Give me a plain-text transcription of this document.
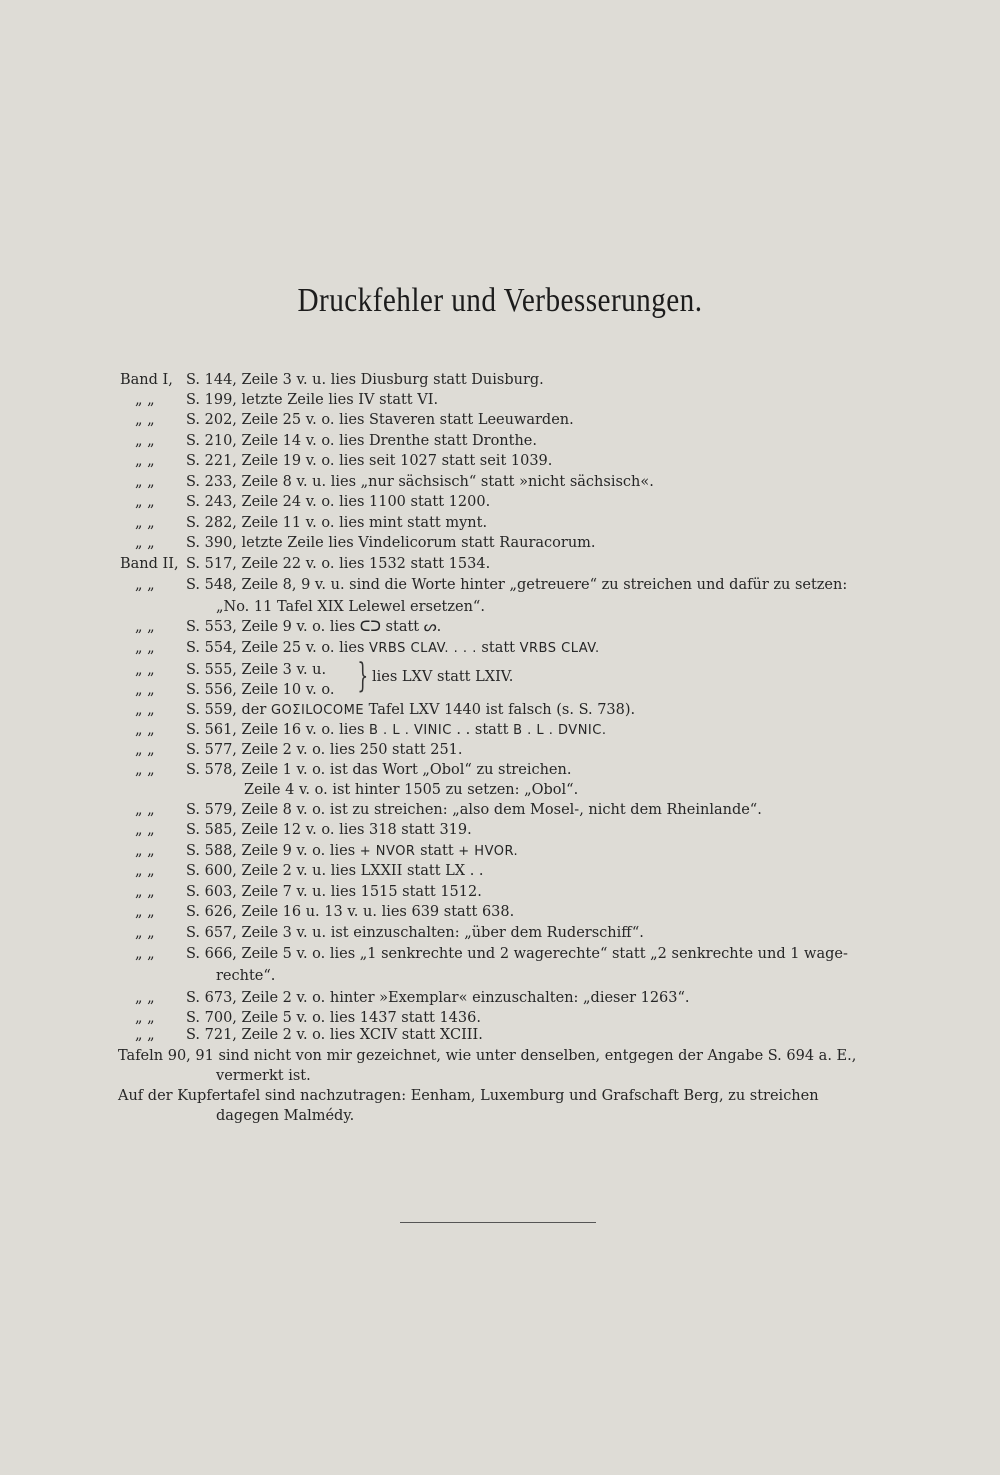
Druckfehler und Verbesserungen.
Band I, S. 144, Zeile 3 v. u. lies Diusburg statt Duisburg.
„ „ S. 199, letzte Zeile lies IV statt VI.
„ „ S. 202, Zeile 25 v. o. lies Staveren statt Leeuwarden.
„ „ S. 210, Zeile 14 v. o. lies Drenthe statt Dronthe.
„ „ S. 221, Zeile 19 v. o. lies seit 1027 statt seit 1039.
„ „ S. 233, Zeile 8 v. u. lies „nur sächsisch“ statt »nicht sächsisch«.
„ „ S. 243, Zeile 24 v. o. lies 1100 statt 1200.
„ „ S. 282, Zeile 11 v. o. lies mint statt mynt.
„ „ S. 390, letzte Zeile lies Vindelicorum statt Rauracorum.
Band II, S. 517, Zeile 22 v. o. lies 1532 statt 1534.
„ „ S. 548, Zeile 8, 9 v. u. sind die Worte hinter „getreuere“ zu streichen und dafür zu setzen:
„No. 11 Tafel XIX Lelewel ersetzen“.
„ „ S. 553, Zeile 9 v. o. lies ᑕᑐ statt ᔕ.
„ „ S. 554, Zeile 25 v. o. lies VRBS CLAV. . . . statt VRBS CLAV.
„ „ S. 555, Zeile 3 v. u.
„ „ S. 556, Zeile 10 v. o.
„ „ S. 559, der GOΣILOCOME Tafel LXV 1440 ist falsch (s. S. 738).
„ „ S. 561, Zeile 16 v. o. lies B . L . VINIC . . statt B . L . DVNIC.
„ „ S. 577, Zeile 2 v. o. lies 250 statt 251.
„ „ S. 578, Zeile 1 v. o. ist das Wort „Obol“ zu streichen.
Zeile 4 v. o. ist hinter 1505 zu setzen: „Obol“.
„ „ S. 579, Zeile 8 v. o. ist zu streichen: „also dem Mosel-, nicht dem Rheinlande“.
„ „ S. 585, Zeile 12 v. o. lies 318 statt 319.
„ „ S. 588, Zeile 9 v. o. lies + NVOR statt + HVOR.
„ „ S. 600, Zeile 2 v. u. lies LXXII statt LX . .
„ „ S. 603, Zeile 7 v. u. lies 1515 statt 1512.
„ „ S. 626, Zeile 16 u. 13 v. u. lies 639 statt 638.
„ „ S. 657, Zeile 3 v. u. ist einzuschalten: „über dem Ruderschiff“.
„ „ S. 666, Zeile 5 v. o. lies „1 senkrechte und 2 wagerechte“ statt „2 senkrechte und 1 wage-
rechte“.
„ „ S. 673, Zeile 2 v. o. hinter »Exemplar« einzuschalten: „dieser 1263“.
„ „ S. 700, Zeile 5 v. o. lies 1437 statt 1436.
„ „ S. 721, Zeile 2 v. o. lies XCIV statt XCIII.
} lies LXV statt LXIV.
Tafeln 90, 91 sind nicht von mir gezeichnet, wie unter denselben, entgegen der Angabe S. 694 a. E.,
vermerkt ist.
Auf der Kupfertafel sind nachzutragen: Eenham, Luxemburg und Grafschaft Berg, zu streichen
dagegen Malmédy.
